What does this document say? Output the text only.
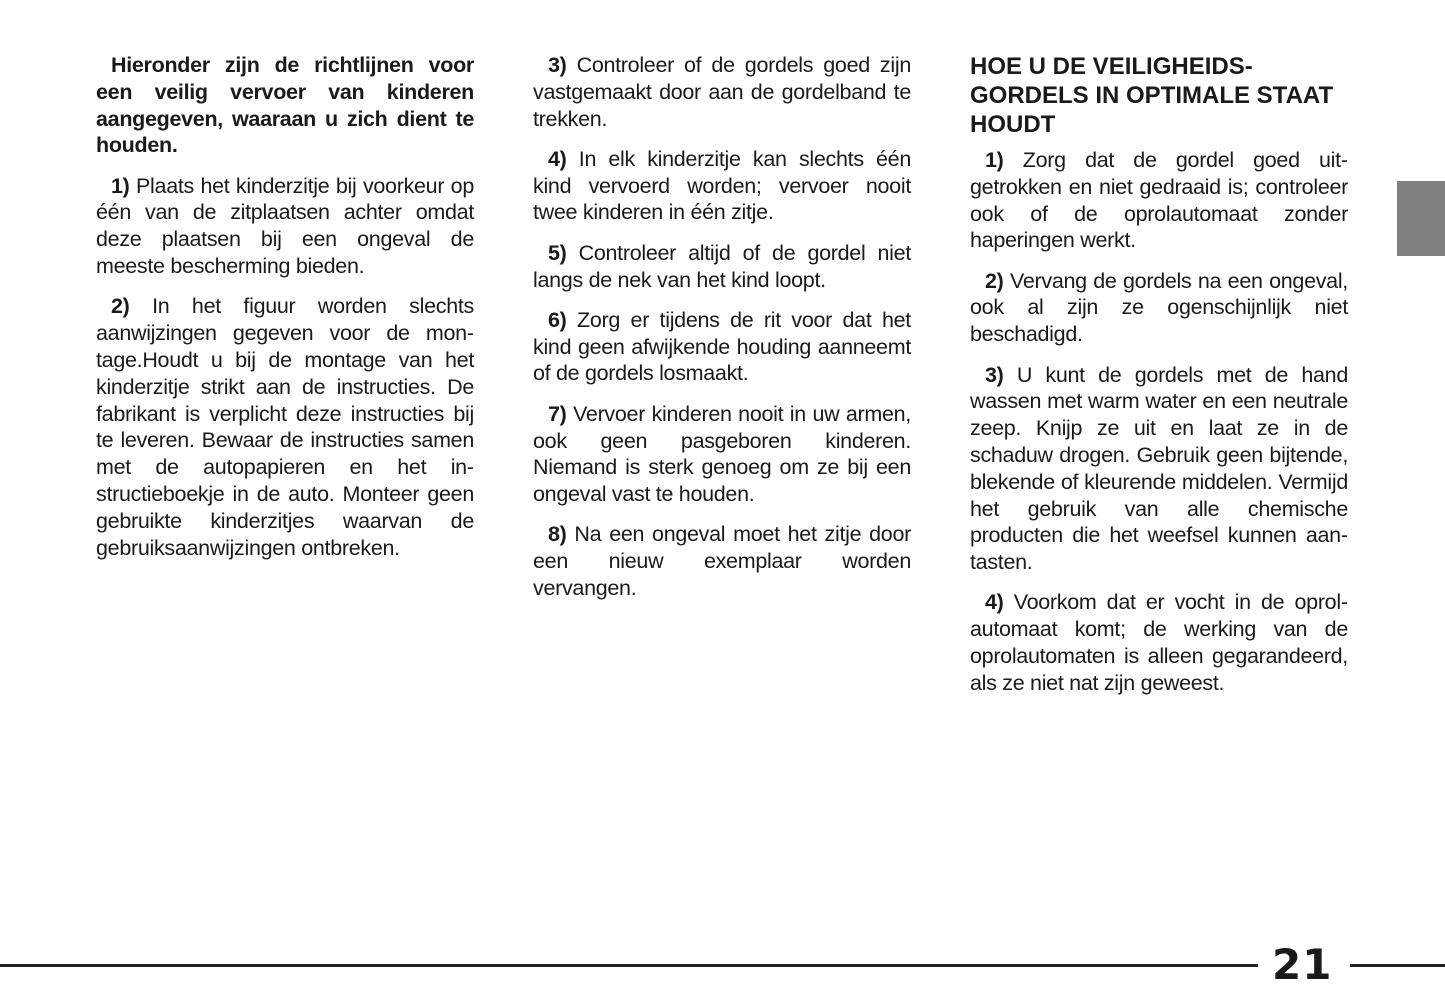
Hieronder zijn de richtlijnen voor een veilig vervoer van kinderen aangegeven, waaraan u zich dient te houden.

1) Plaats het kinderzitje bij voorkeur op één van de zitplaatsen achter omdat deze plaatsen bij een ongeval de meeste bescherming bieden.

2) In het figuur worden slechts aanwijzingen gegeven voor de montage.Houdt u bij de montage van het kinderzitje strikt aan de instructies. De fabrikant is verplicht deze instructies bij te leveren. Bewaar de instructies samen met de autopapieren en het instructieboekje in de auto. Monteer geen gebruikte kinderzitjes waarvan de gebruiksaanwijzingen ontbreken.

3) Controleer of de gordels goed zijn vastgemaakt door aan de gordelband te trekken.

4) In elk kinderzitje kan slechts één kind vervoerd worden; vervoer nooit twee kinderen in één zitje.

5) Controleer altijd of de gordel niet langs de nek van het kind loopt.

6) Zorg er tijdens de rit voor dat het kind geen afwijkende houding aanneemt of de gordels losmaakt.

7) Vervoer kinderen nooit in uw armen, ook geen pasgeboren kinderen. Niemand is sterk genoeg om ze bij een ongeval vast te houden.

8) Na een ongeval moet het zitje door een nieuw exemplaar worden vervangen.

HOE U DE VEILIGHEIDS- GORDELS IN OPTIMALE STAAT HOUDT

1) Zorg dat de gordel goed uitgetrokken en niet gedraaid is; controleer ook of de oprolautomaat zonder haperingen werkt.

2) Vervang de gordels na een ongeval, ook al zijn ze ogenschijnlijk niet beschadigd.

3) U kunt de gordels met de hand wassen met warm water en een neutrale zeep. Knijp ze uit en laat ze in de schaduw drogen. Gebruik geen bijtende, blekende of kleurende middelen. Vermijd het gebruik van alle chemische producten die het weefsel kunnen aantasten.

4) Voorkom dat er vocht in de oprolautomaat komt; de werking van de oprolautomaten is alleen gegarandeerd, als ze niet nat zijn geweest.

21
